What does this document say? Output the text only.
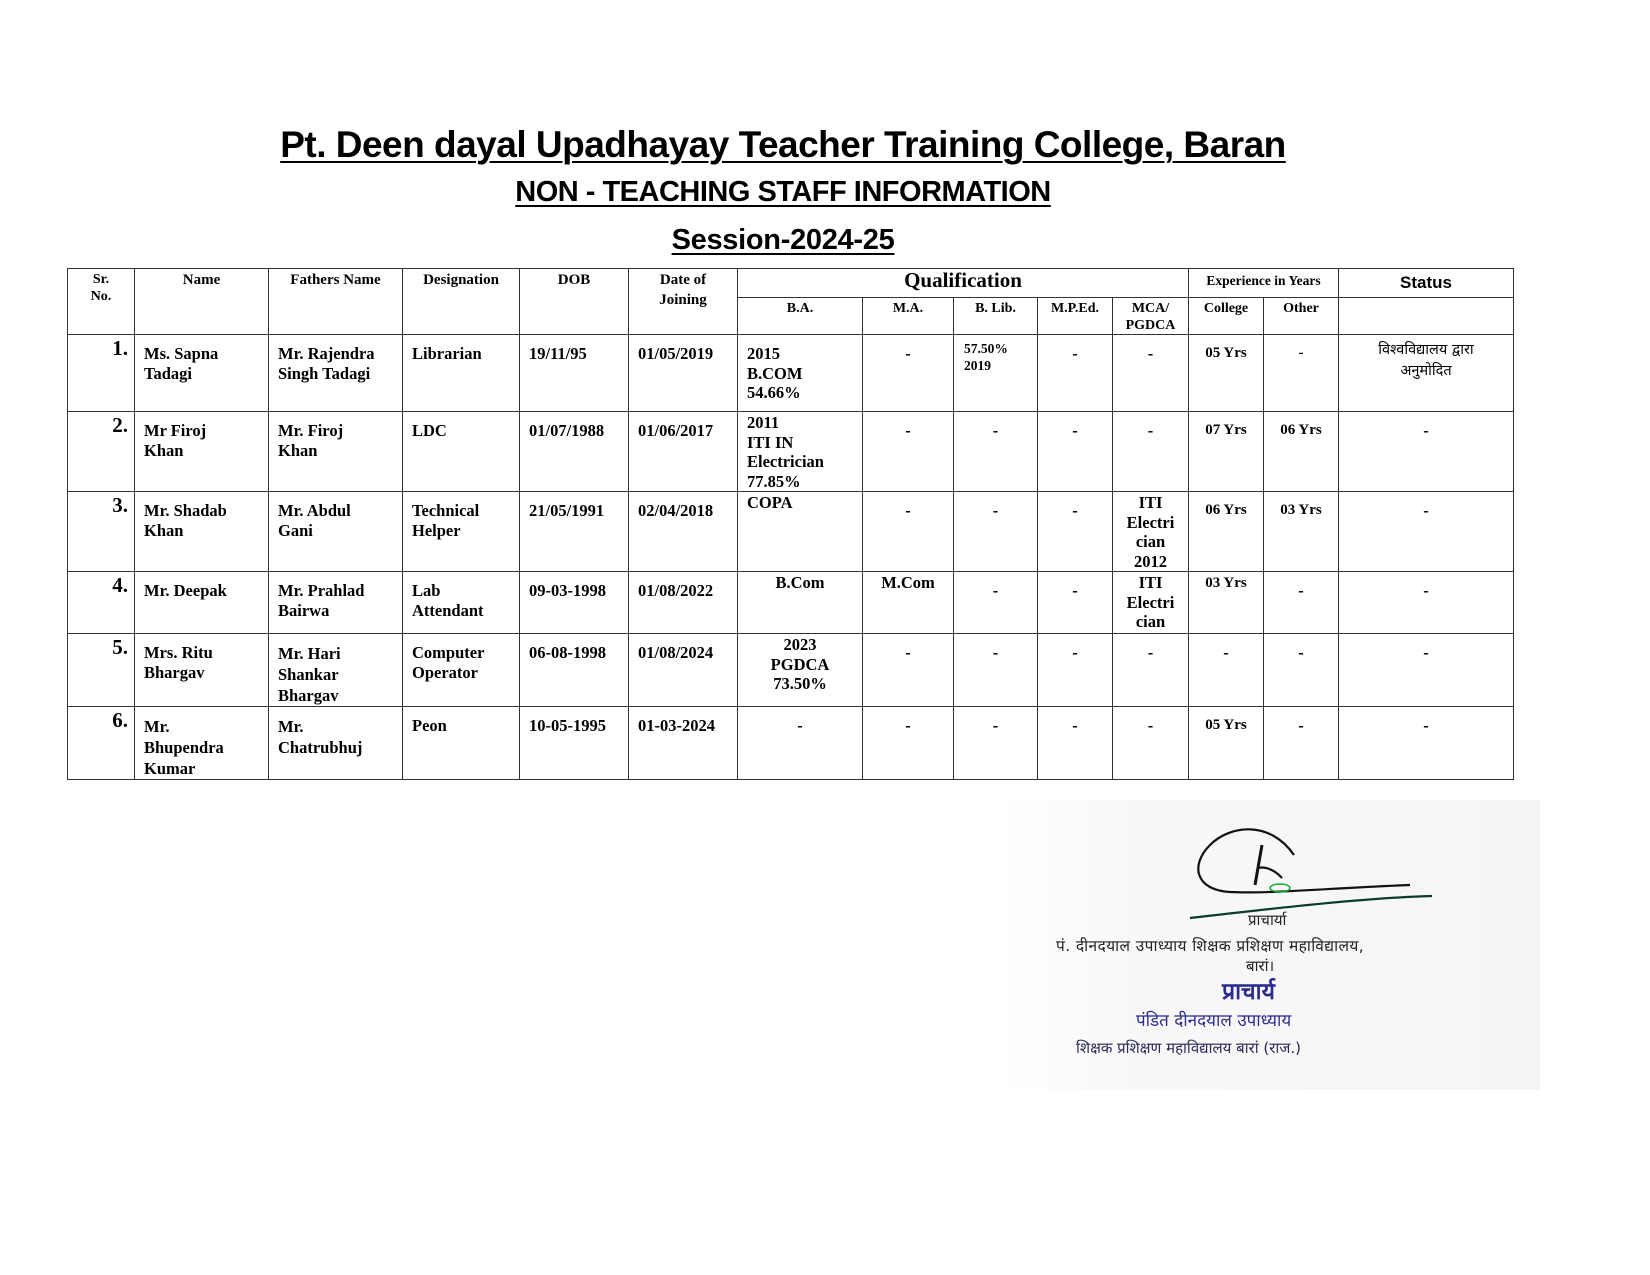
Pt. Deen dayal Upadhayay Teacher Training College, Baran
NON - TEACHING STAFF INFORMATION
Session-2024-25
Sr.
No.	Name	Fathers Name	Designation	DOB	Date of
Joining	Qualification					Experience in Years		Status
						B.A.	M.A.	B. Lib.	M.P.Ed.	MCA/
PGDCA	College	Other	
1.	Ms. Sapna
Tadagi	Mr. Rajendra
Singh Tadagi	Librarian	19/11/95	01/05/2019	2015
B.COM
54.66%	-	57.50%
2019	-	-	05 Yrs	-	विश्वविद्यालय द्वारा
अनुमोदित
2.	Mr Firoj
Khan	Mr. Firoj
Khan	LDC	01/07/1988	01/06/2017	2011
ITI IN
Electrician
77.85%	-	-	-	-	07 Yrs	06 Yrs	-
3.	Mr. Shadab
Khan	Mr. Abdul
Gani	Technical
Helper	21/05/1991	02/04/2018	COPA	-	-	-	ITI
Electri
cian
2012	06 Yrs	03 Yrs	-
4.	Mr. Deepak	Mr. Prahlad
Bairwa	Lab
Attendant	09-03-1998	01/08/2022	B.Com	M.Com	-	-	ITI
Electri
cian	03 Yrs	-	-
5.	Mrs. Ritu
Bhargav	Mr. Hari
Shankar
Bhargav	Computer
Operator	06-08-1998	01/08/2024	2023
PGDCA
73.50%	-	-	-	-	-	-	-
6.	Mr.
Bhupendra
Kumar	Mr.
Chatrubhuj	Peon	10-05-1995	01-03-2024	-	-	-	-	-	05 Yrs	-	-
प्राचार्या
पं. दीनदयाल उपाध्याय शिक्षक प्रशिक्षण महाविद्यालय,
बारां।
प्राचार्य
पंडित दीनदयाल उपाध्याय
शिक्षक प्रशिक्षण महाविद्यालय बारां (राज.)
